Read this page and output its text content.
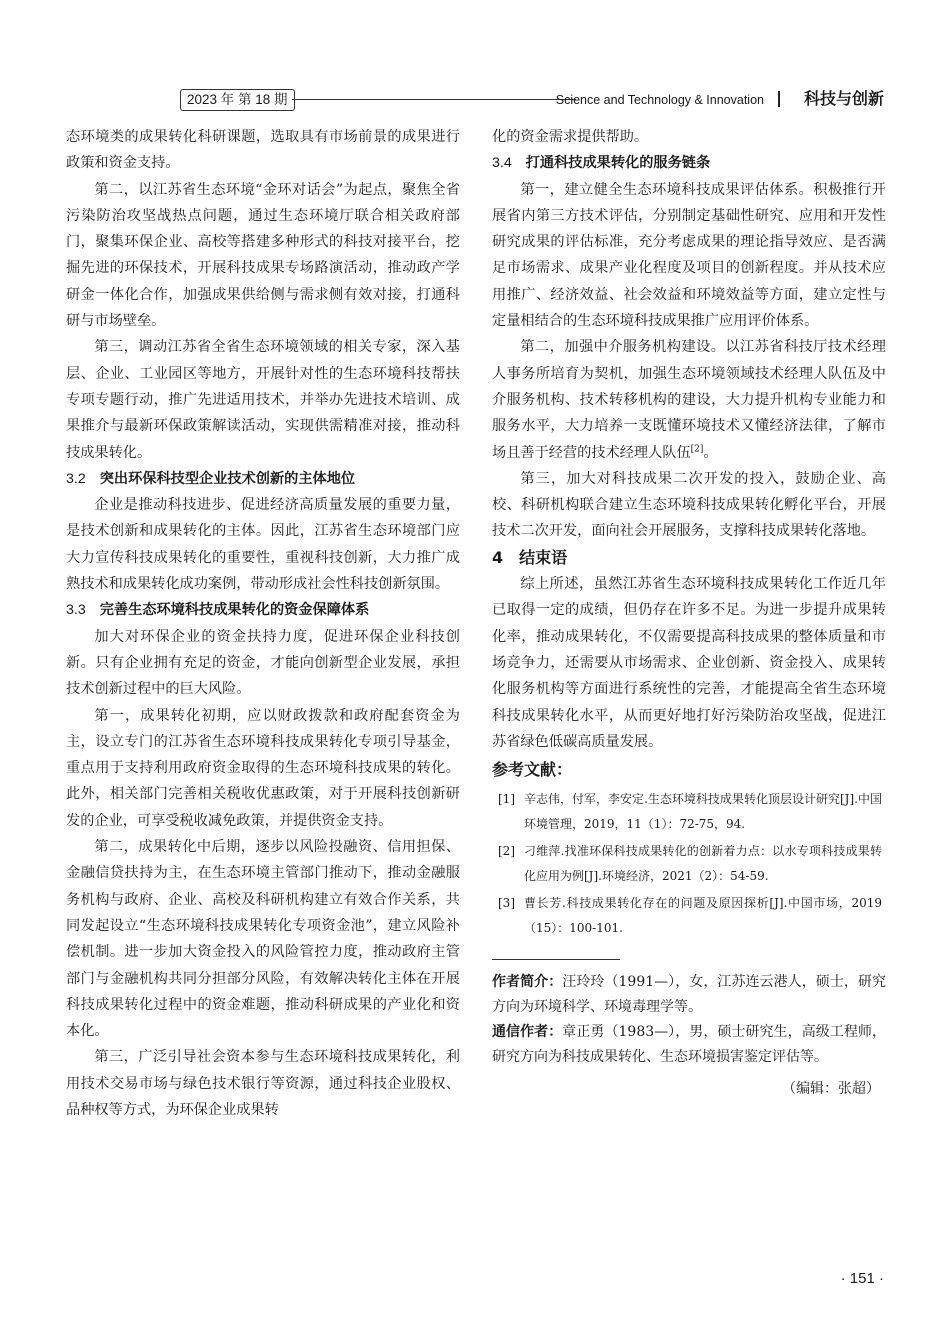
2023 年 第 18 期	Science and Technology & Innovation 科技与创新

态环境类的成果转化科研课题，选取具有市场前景的成果进行政策和资金支持。

第二，以江苏省生态环境“金环对话会”为起点，聚焦全省污染防治攻坚战热点问题，通过生态环境厅联合相关政府部门，聚集环保企业、高校等搭建多种形式的科技对接平台，挖掘先进的环保技术，开展科技成果专场路演活动，推动政产学研金一体化合作，加强成果供给侧与需求侧有效对接，打通科研与市场壁垒。

第三，调动江苏省全省生态环境领域的相关专家，深入基层、企业、工业园区等地方，开展针对性的生态环境科技帮扶专项专题行动，推广先进适用技术，并举办先进技术培训、成果推介与最新环保政策解读活动，实现供需精准对接，推动科技成果转化。

3.2 突出环保科技型企业技术创新的主体地位

企业是推动科技进步、促进经济高质量发展的重要力量，是技术创新和成果转化的主体。因此，江苏省生态环境部门应大力宣传科技成果转化的重要性，重视科技创新，大力推广成熟技术和成果转化成功案例，带动形成社会性科技创新氛围。

3.3 完善生态环境科技成果转化的资金保障体系

加大对环保企业的资金扶持力度，促进环保企业科技创新。只有企业拥有充足的资金，才能向创新型企业发展，承担技术创新过程中的巨大风险。

第一，成果转化初期，应以财政拨款和政府配套资金为主，设立专门的江苏省生态环境科技成果转化专项引导基金，重点用于支持利用政府资金取得的生态环境科技成果的转化。此外，相关部门完善相关税收优惠政策，对于开展科技创新研发的企业，可享受税收减免政策，并提供资金支持。

第二，成果转化中后期，逐步以风险投融资、信用担保、金融信贷扶持为主，在生态环境主管部门推动下，推动金融服务机构与政府、企业、高校及科研机构建立有效合作关系，共同发起设立“生态环境科技成果转化专项资金池”，建立风险补偿机制。进一步加大资金投入的风险管控力度，推动政府主管部门与金融机构共同分担部分风险，有效解决转化主体在开展科技成果转化过程中的资金难题，推动科研成果的产业化和资本化。

第三，广泛引导社会资本参与生态环境科技成果转化，利用技术交易市场与绿色技术银行等资源，通过科技企业股权、品种权等方式，为环保企业成果转

化的资金需求提供帮助。

3.4 打通科技成果转化的服务链条

第一，建立健全生态环境科技成果评估体系。积极推行开展省内第三方技术评估，分别制定基础性研究、应用和开发性研究成果的评估标准，充分考虑成果的理论指导效应、是否满足市场需求、成果产业化程度及项目的创新程度。并从技术应用推广、经济效益、社会效益和环境效益等方面，建立定性与定量相结合的生态环境科技成果推广应用评价体系。

第二，加强中介服务机构建设。以江苏省科技厅技术经理人事务所培育为契机，加强生态环境领域技术经理人队伍及中介服务机构、技术转移机构的建设，大力提升机构专业能力和服务水平，大力培养一支既懂环境技术又懂经济法律，了解市场且善于经营的技术经理人队伍[2]。

第三，加大对科技成果二次开发的投入，鼓励企业、高校、科研机构联合建立生态环境科技成果转化孵化平台，开展技术二次开发，面向社会开展服务，支撑科技成果转化落地。

4 结束语

综上所述，虽然江苏省生态环境科技成果转化工作近几年已取得一定的成绩，但仍存在许多不足。为进一步提升成果转化率，推动成果转化，不仅需要提高科技成果的整体质量和市场竞争力，还需要从市场需求、企业创新、资金投入、成果转化服务机构等方面进行系统性的完善，才能提高全省生态环境科技成果转化水平，从而更好地打好污染防治攻坚战，促进江苏省绿色低碳高质量发展。

参考文献：
[1] 辛志伟，付军，李安定.生态环境科技成果转化顶层设计研究[J].中国环境管理，2019，11（1）：72-75，94.
[2] 刁维萍.找准环保科技成果转化的创新着力点：以水专项科技成果转化应用为例[J].环境经济，2021（2）：54-59.
[3] 曹长芳.科技成果转化存在的问题及原因探析[J].中国市场，2019（15）：100-101.
作者简介：汪玲玲（1991—），女，江苏连云港人，硕士，研究方向为环境科学、环境毒理学等。
通信作者：章正勇（1983—），男，硕士研究生，高级工程师，研究方向为科技成果转化、生态环境损害鉴定评估等。
（编辑：张超）
· 151 ·
